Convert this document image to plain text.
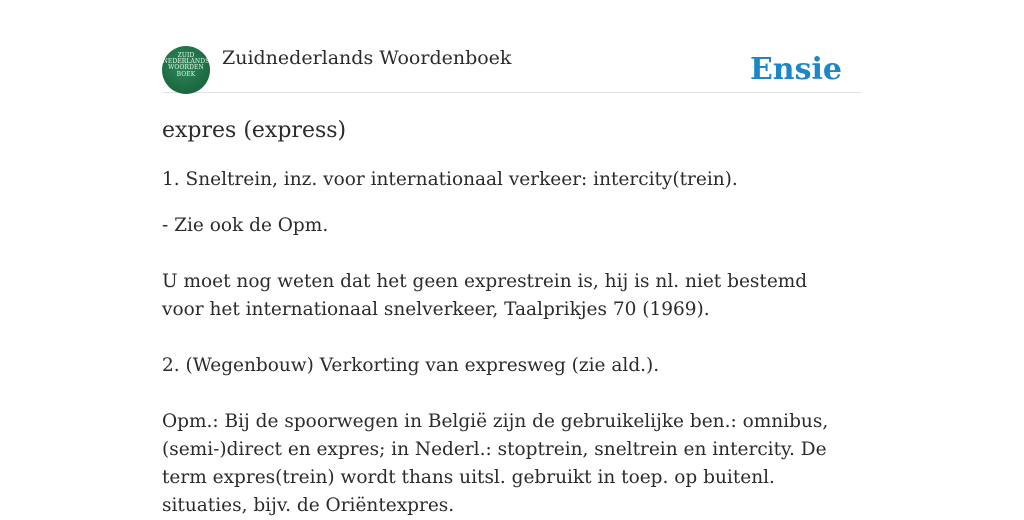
ZUID
NEDERLANDS
WOORDEN
BOEK
Zuidnederlands Woordenboek	Ensie
expres (express)

1. Sneltrein, inz. voor internationaal verkeer: intercity(trein).

- Zie ook de Opm.

U moet nog weten dat het geen exprestrein is, hij is nl. niet bestemd voor het internationaal snelverkeer, Taalprikjes 70 (1969).

2. (Wegenbouw) Verkorting van expresweg (zie ald.).

Opm.: Bij de spoorwegen in België zijn de gebruikelijke ben.: omnibus, (semi-)direct en expres; in Nederl.: stoptrein, sneltrein en intercity. De term expres(trein) wordt thans uitsl. gebruikt in toep. op buitenl. situaties, bijv. de Oriëntexpres.
